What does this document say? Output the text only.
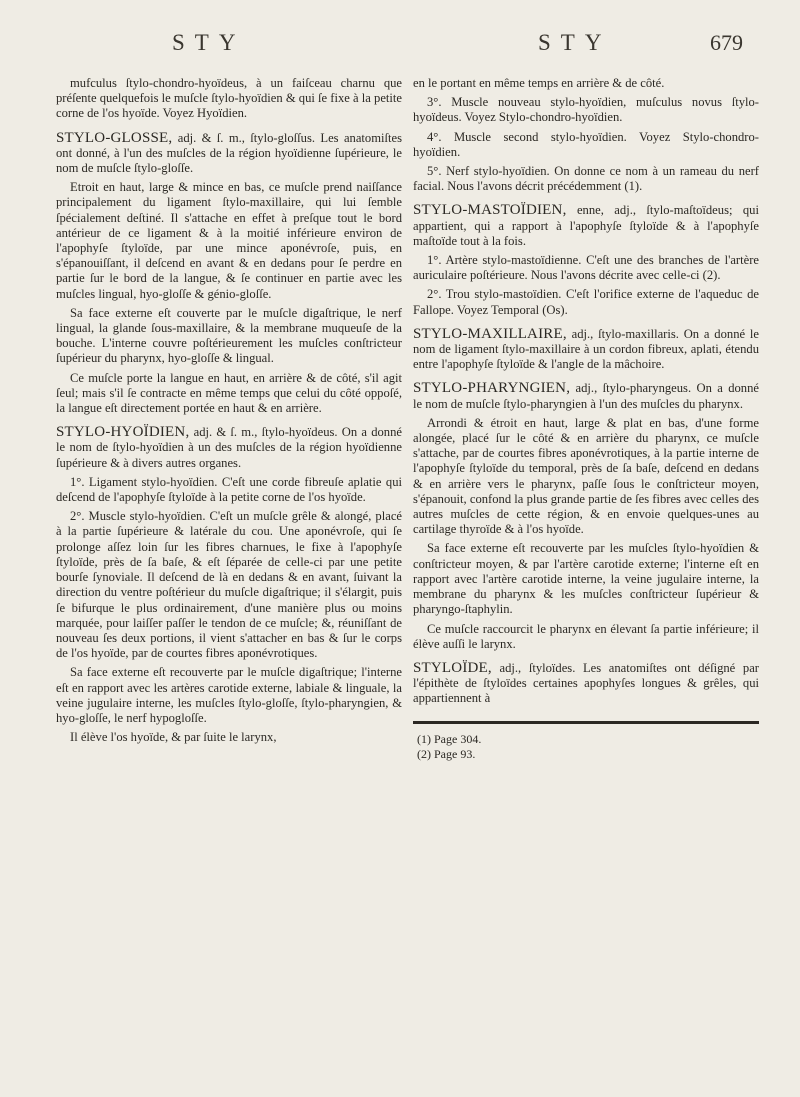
STY	STY	679

mufculus ſtylo-chondro-hyoïdeus, à un faiſceau charnu que préſente quelquefois le muſcle ſtylo-hyoïdien & qui ſe fixe à la petite corne de l'os hyoïde. Voyez Hyoïdien.

STYLO-GLOSSE, adj. & ſ. m., ſtylo-gloſſus. Les anatomiſtes ont donné, à l'un des muſcles de la région hyoïdienne ſupérieure, le nom de muſcle ſtylo-gloſſe.

Etroit en haut, large & mince en bas, ce muſcle prend naiſſance principalement du ligament ſtylo-maxillaire, qui lui ſemble ſpécialement deſtiné. Il s'attache en effet à preſque tout le bord antérieur de ce ligament & à la moitié inférieure environ de l'apophyſe ſtyloïde, par une mince aponévroſe, puis, en s'épanouiſſant, il deſcend en avant & en dedans pour ſe perdre en partie ſur le bord de la langue, & ſe continuer en partie avec les muſcles lingual, hyo-gloſſe & génio-gloſſe.

Sa face externe eſt couverte par le muſcle digaſtrique, le nerf lingual, la glande ſous-maxillaire, & la membrane muqueuſe de la bouche. L'interne couvre poſtérieurement les muſcles conſtricteur ſupérieur du pharynx, hyo-gloſſe & lingual.

Ce muſcle porte la langue en haut, en arrière & de côté, s'il agit ſeul; mais s'il ſe contracte en même temps que celui du côté oppoſé, la langue eſt directement portée en haut & en arrière.

STYLO-HYOÏDIEN, adj. & ſ. m., ſtylo-hyoïdeus. On a donné le nom de ſtylo-hyoïdien à un des muſcles de la région hyoïdienne ſupérieure & à divers autres organes.

1°. Ligament stylo-hyoïdien. C'eſt une corde fibreuſe aplatie qui deſcend de l'apophyſe ſtyloïde à la petite corne de l'os hyoïde.

2°. Muscle stylo-hyoïdien. C'eſt un muſcle grêle & alongé, placé à la partie ſupérieure & latérale du cou. Une aponévroſe, qui ſe prolonge aſſez loin ſur les fibres charnues, le fixe à l'apophyſe ſtyloïde, près de ſa baſe, & eſt ſéparée de celle-ci par une petite bourſe ſynoviale. Il deſcend de là en dedans & en avant, ſuivant la direction du ventre poſtérieur du muſcle digaſtrique; il s'élargit, puis ſe bifurque le plus ordinairement, d'une manière plus ou moins marquée, pour laiſſer paſſer le tendon de ce muſcle; &, réuniſſant de nouveau ſes deux portions, il vient s'attacher en bas & ſur le corps de l'os hyoïde, par de courtes fibres aponévrotiques.

Sa face externe eſt recouverte par le muſcle digaſtrique; l'interne eſt en rapport avec les artères carotide externe, labiale & linguale, la veine jugulaire interne, les muſcles ſtylo-gloſſe, ſtylo-pharyngien, & hyo-gloſſe, le nerf hypogloſſe.

Il élève l'os hyoïde, & par ſuite le larynx,

en le portant en même temps en arrière & de côté.

3°. Muscle nouveau stylo-hyoïdien, muſculus novus ſtylo-hyoïdeus. Voyez Stylo-chondro-hyoïdien.

4°. Muscle second stylo-hyoïdien. Voyez Stylo-chondro-hyoïdien.

5°. Nerf stylo-hyoïdien. On donne ce nom à un rameau du nerf facial. Nous l'avons décrit précédemment (1).

STYLO-MASTOÏDIEN, enne, adj., ſtylo-maſtoïdeus; qui appartient, qui a rapport à l'apophyſe ſtyloïde & à l'apophyſe maſtoïde tout à la fois.

1°. Artère stylo-mastoïdienne. C'eſt une des branches de l'artère auriculaire poſtérieure. Nous l'avons décrite avec celle-ci (2).

2°. Trou stylo-mastoïdien. C'eſt l'orifice externe de l'aqueduc de Fallope. Voyez Temporal (Os).

STYLO-MAXILLAIRE, adj., ſtylo-maxillaris. On a donné le nom de ligament ſtylo-maxillaire à un cordon fibreux, aplati, étendu entre l'apophyſe ſtyloïde & l'angle de la mâchoire.

STYLO-PHARYNGIEN, adj., ſtylo-pharyngeus. On a donné le nom de muſcle ſtylo-pharyngien à l'un des muſcles du pharynx.

Arrondi & étroit en haut, large & plat en bas, d'une forme alongée, placé ſur le côté & en arrière du pharynx, ce muſcle s'attache, par de courtes fibres aponévrotiques, à la partie interne de l'apophyſe ſtyloïde du temporal, près de ſa baſe, deſcend en dedans & en arrière vers le pharynx, paſſe ſous le conſtricteur moyen, s'épanouit, confond la plus grande partie de ſes fibres avec celles des autres muſcles de cette région, & en envoie quelques-unes au cartilage thyroïde & à l'os hyoïde.

Sa face externe eſt recouverte par les muſcles ſtylo-hyoïdien & conſtricteur moyen, & par l'artère carotide externe; l'interne eſt en rapport avec l'artère carotide interne, la veine jugulaire interne, la membrane du pharynx & les muſcles conſtricteur ſupérieur & pharyngo-ſtaphylin.

Ce muſcle raccourcit le pharynx en élevant ſa partie inférieure; il élève auſſi le larynx.

STYLOÏDE, adj., ſtyloïdes. Les anatomiſtes ont déſigné par l'épithète de ſtyloïdes certaines apophyſes longues & grêles, qui appartiennent à

(1) Page 304.
(2) Page 93.
